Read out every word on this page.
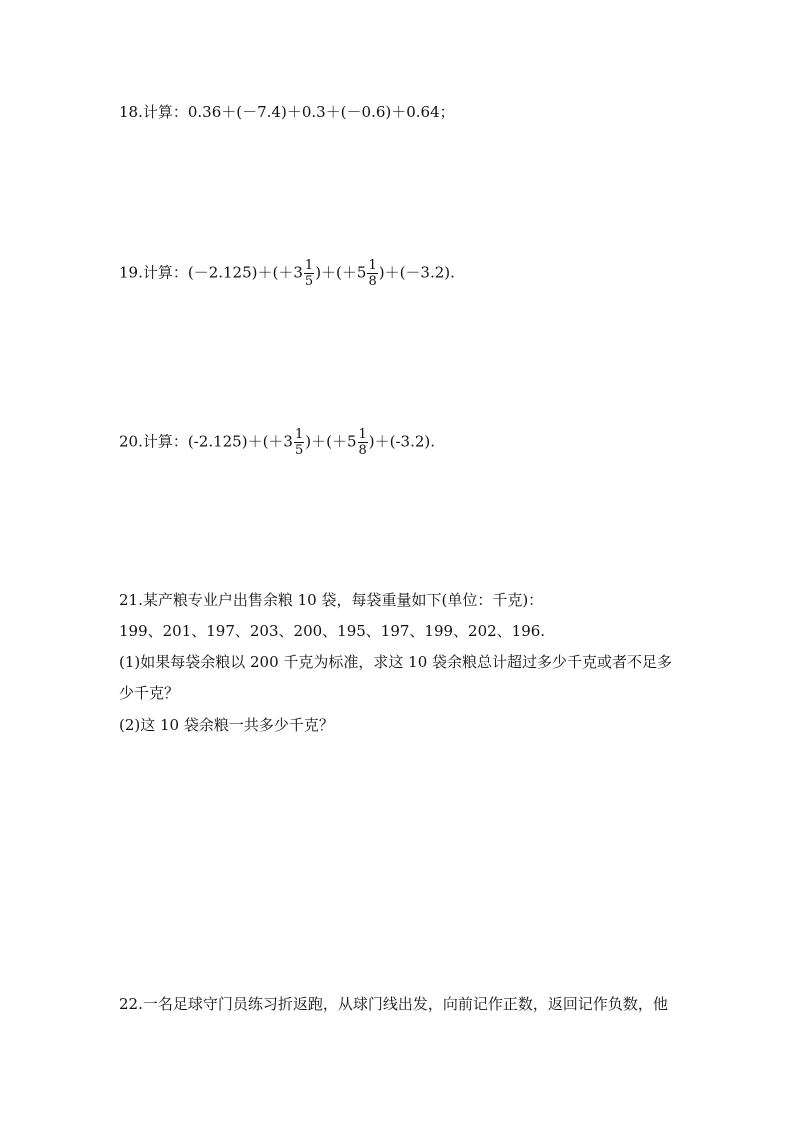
18.计算：0.36＋(－7.4)＋0.3＋(－0.6)＋0.64；
19.计算：$(-2.125)+(+3 \frac{1}{5} )+(+5 \frac{1}{8} )+(-3.2)$.
20.计算：$(-2.125)+(+3 \frac{1}{5} )+(+5 \frac{1}{8} )+(-3.2)$.
21.某产粮专业户出售余粮 10 袋，每袋重量如下(单位：千克)：
199、201、197、203、200、195、197、199、202、196.
(1)如果每袋余粮以 200 千克为标准，求这 10 袋余粮总计超过多少千克或者不足多
少千克？
(2)这 10 袋余粮一共多少千克？
22.一名足球守门员练习折返跑，从球门线出发，向前记作正数，返回记作负数，他
